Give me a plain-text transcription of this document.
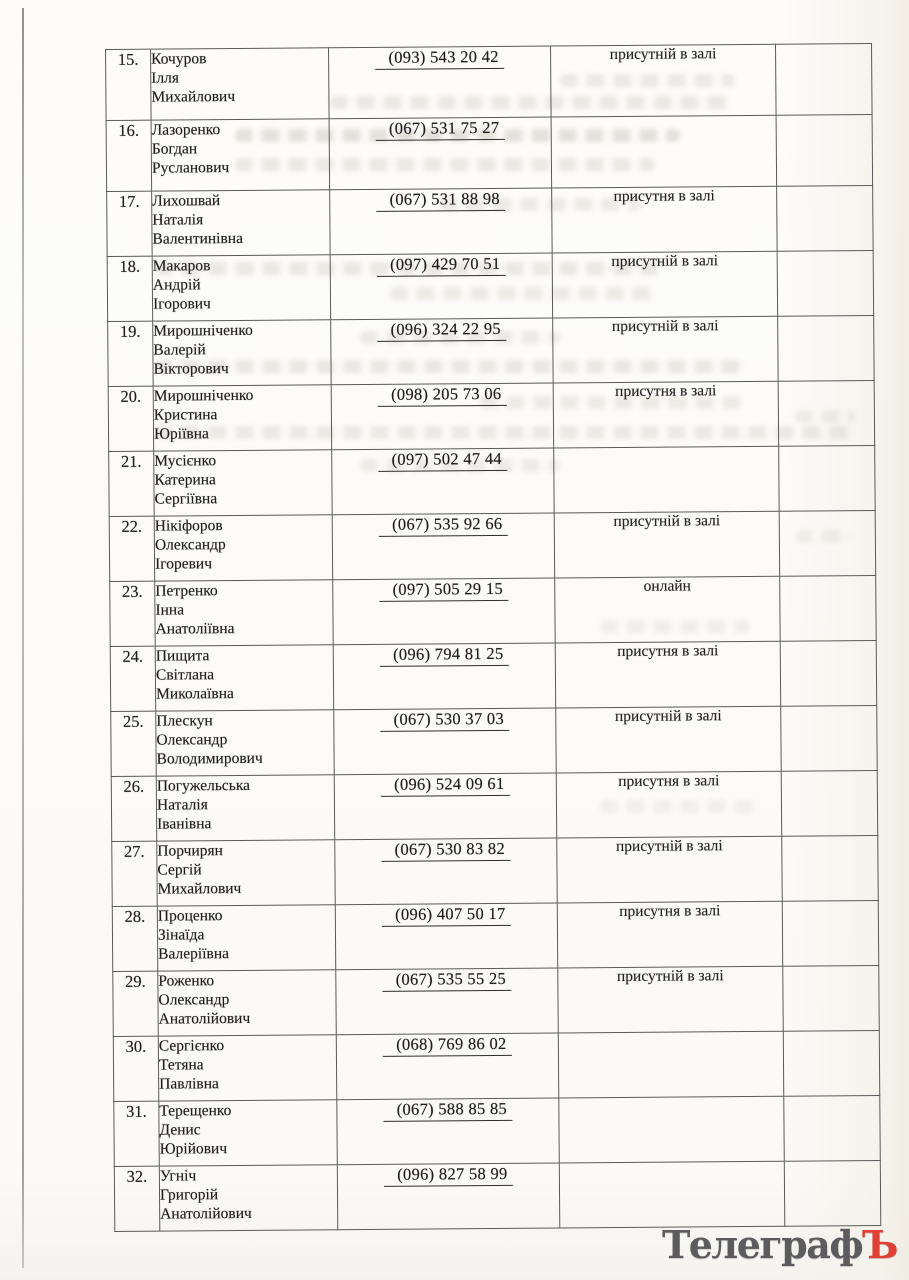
15.	Кочуров
Ілля
Михайлович	(093) 543 20 42	присутній в залі	
16.	Лазоренко
Богдан
Русланович	(067) 531 75 27		
17.	Лихошвай
Наталія
Валентинівна	(067) 531 88 98	присутня в залі	
18.	Макаров
Андрій
Ігорович	(097) 429 70 51	присутній в залі	
19.	Мирошніченко
Валерій
Вікторович	(096) 324 22 95	присутній в залі	
20.	Мирошніченко
Кристина
Юріївна	(098) 205 73 06	присутня в залі	
21.	Мусієнко
Катерина
Сергіївна	(097) 502 47 44		
22.	Нікіфоров
Олександр
Ігоревич	(067) 535 92 66	присутній в залі	
23.	Петренко
Інна
Анатоліївна	(097) 505 29 15	онлайн	
24.	Пищита
Світлана
Миколаївна	(096) 794 81 25	присутня в залі	
25.	Плескун
Олександр
Володимирович	(067) 530 37 03	присутній в залі	
26.	Погужельська
Наталія
Іванівна	(096) 524 09 61	присутня в залі	
27.	Порчирян
Сергій
Михайлович	(067) 530 83 82	присутній в залі	
28.	Проценко
Зінаїда
Валеріївна	(096) 407 50 17	присутня в залі	
29.	Роженко
Олександр
Анатолійович	(067) 535 55 25	присутній в залі	
30.	Сергієнко
Тетяна
Павлівна	(068) 769 86 02		
31.	Терещенко
Денис
Юрійович	(067) 588 85 85		
32.	Угніч
Григорій
Анатолійович	(096) 827 58 99		
ТелеграфЪ
